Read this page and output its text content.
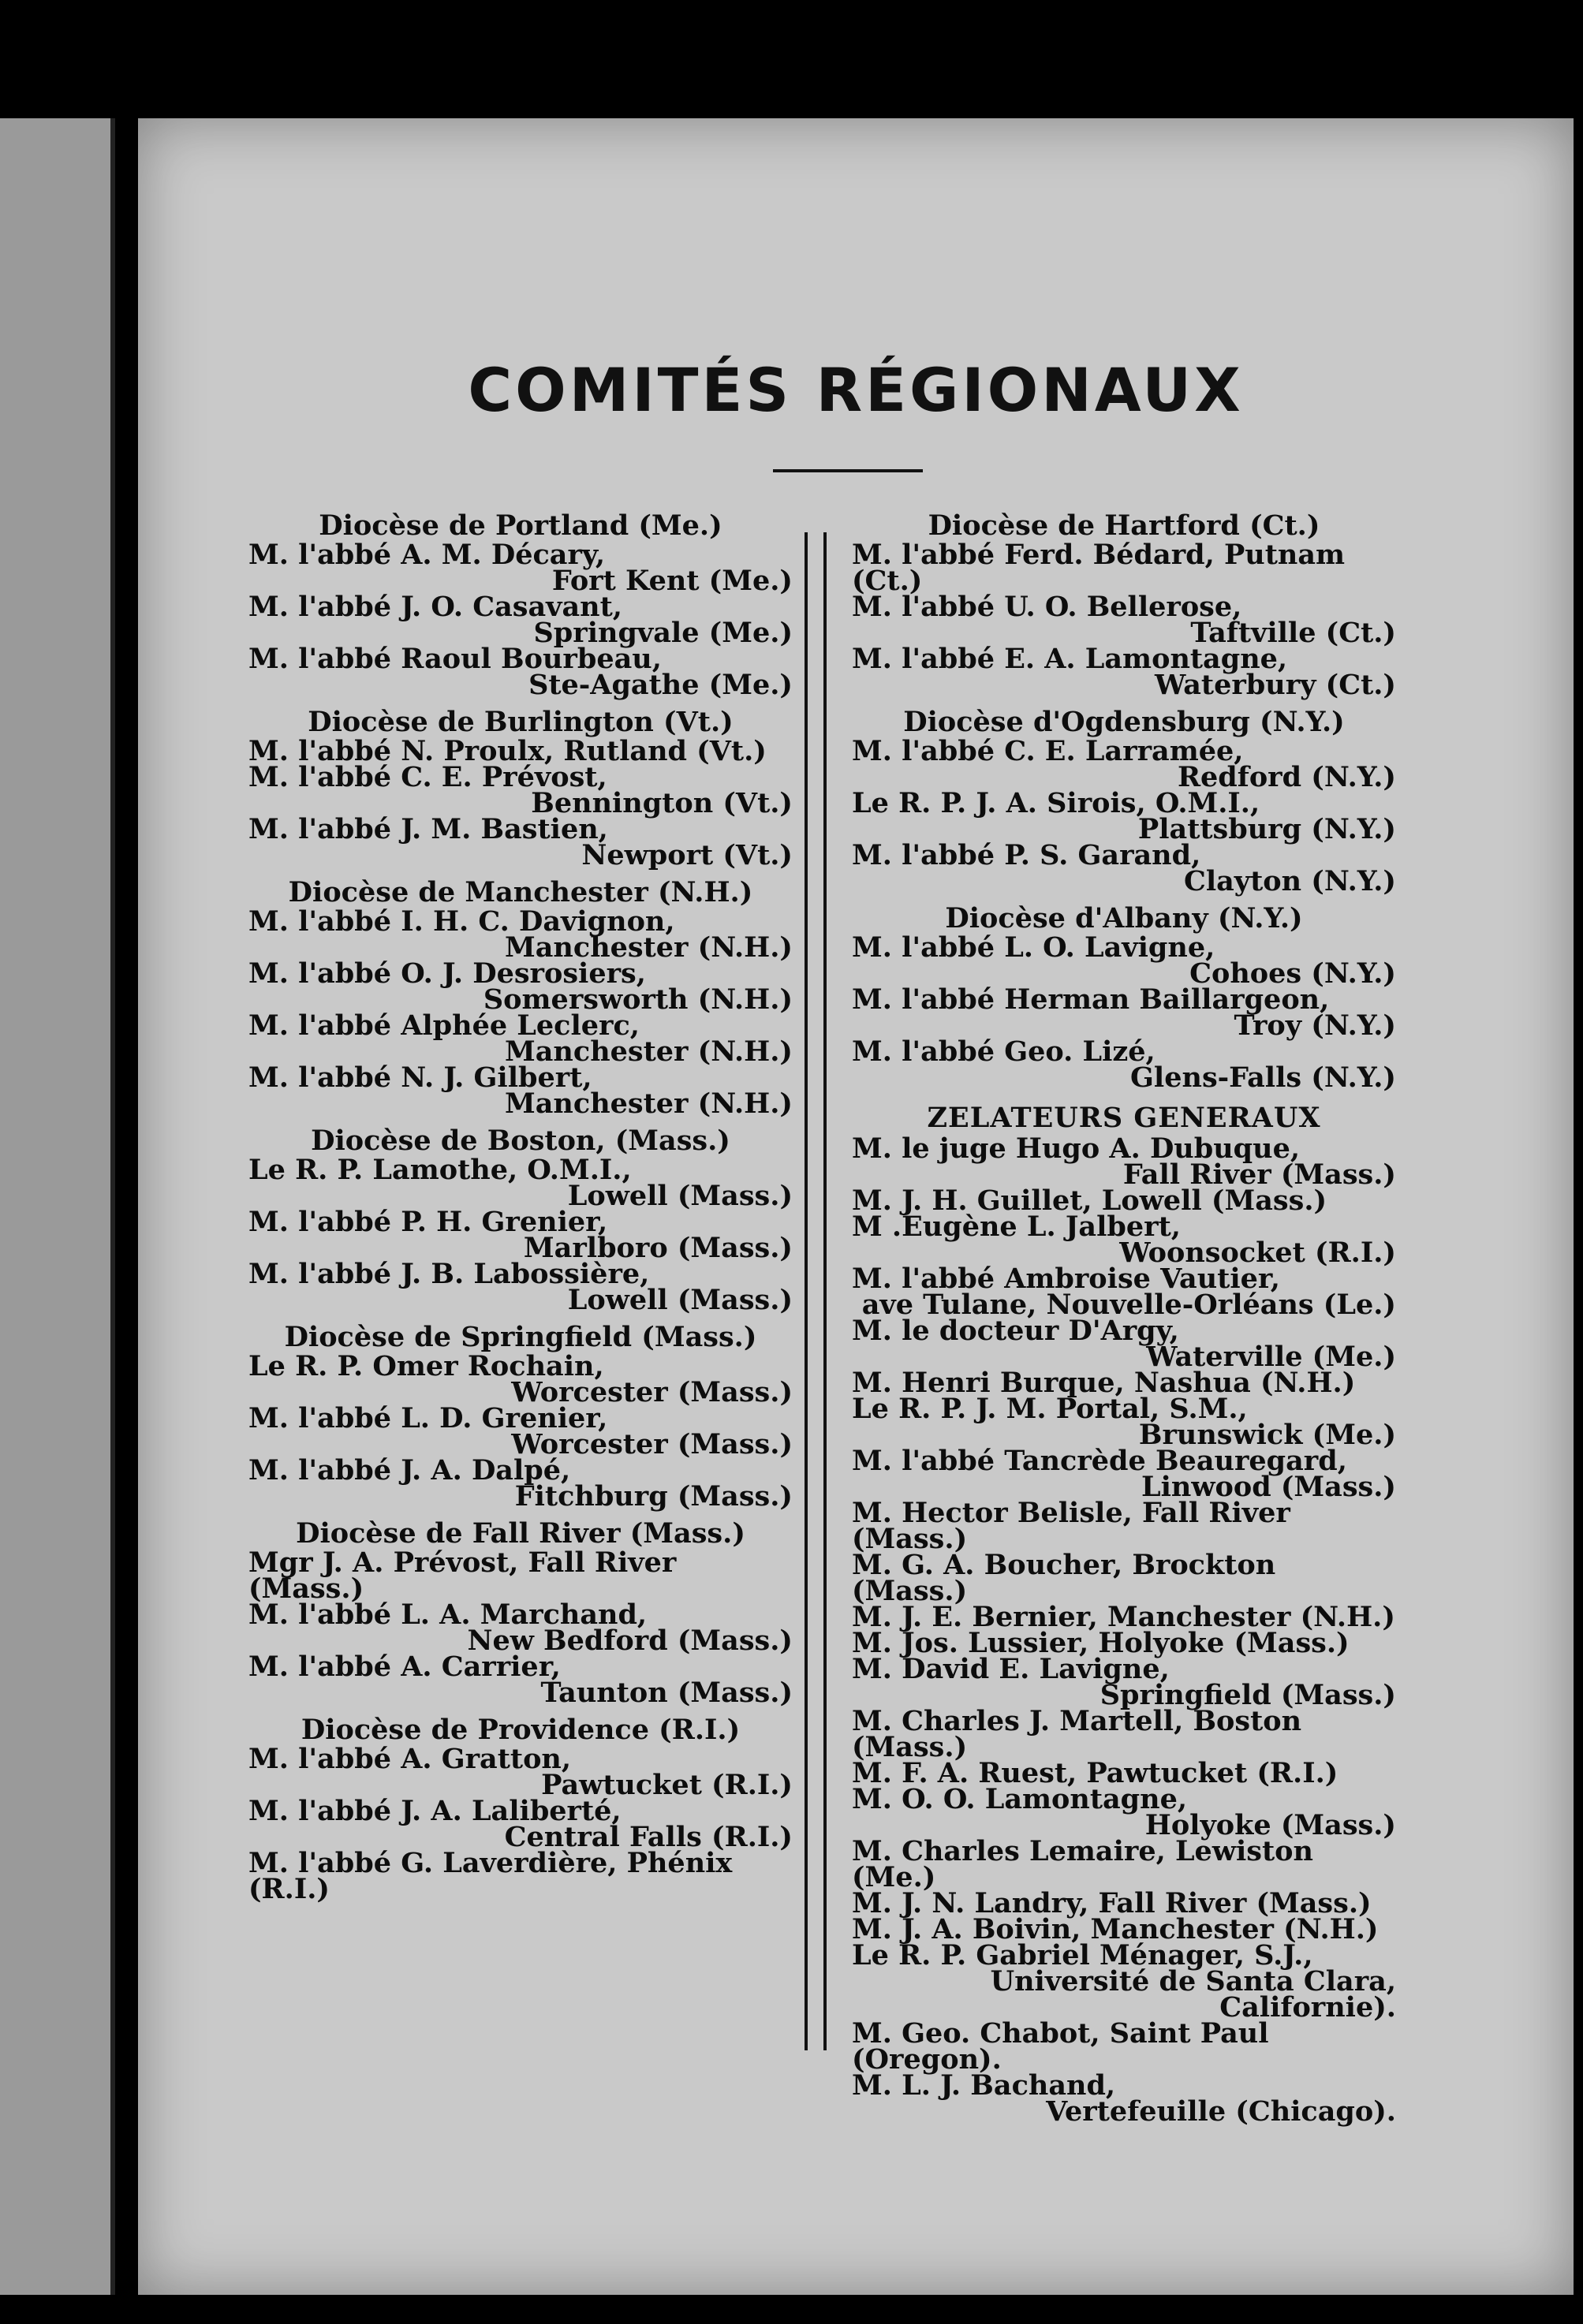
COMITÉS RÉGIONAUX
Diocèse de Portland (Me.)
M. l'abbé A. M. Décary,
Fort Kent (Me.)
M. l'abbé J. O. Casavant,
Springvale (Me.)
M. l'abbé Raoul Bourbeau,
Ste-Agathe (Me.)
Diocèse de Burlington (Vt.)
M. l'abbé N. Proulx, Rutland (Vt.)
M. l'abbé C. E. Prévost,
Bennington (Vt.)
M. l'abbé J. M. Bastien,
Newport (Vt.)
Diocèse de Manchester (N.H.)
M. l'abbé I. H. C. Davignon,
Manchester (N.H.)
M. l'abbé O. J. Desrosiers,
Somersworth (N.H.)
M. l'abbé Alphée Leclerc,
Manchester (N.H.)
M. l'abbé N. J. Gilbert,
Manchester (N.H.)
Diocèse de Boston, (Mass.)
Le R. P. Lamothe, O.M.I.,
Lowell (Mass.)
M. l'abbé P. H. Grenier,
Marlboro (Mass.)
M. l'abbé J. B. Labossière,
Lowell (Mass.)
Diocèse de Springfield (Mass.)
Le R. P. Omer Rochain,
Worcester (Mass.)
M. l'abbé L. D. Grenier,
Worcester (Mass.)
M. l'abbé J. A. Dalpé,
Fitchburg (Mass.)
Diocèse de Fall River (Mass.)
Mgr J. A. Prévost, Fall River (Mass.)
M. l'abbé L. A. Marchand,
New Bedford (Mass.)
M. l'abbé A. Carrier,
Taunton (Mass.)
Diocèse de Providence (R.I.)
M. l'abbé A. Gratton,
Pawtucket (R.I.)
M. l'abbé J. A. Laliberté,
Central Falls (R.I.)
M. l'abbé G. Laverdière, Phénix (R.I.)
Diocèse de Hartford (Ct.)
M. l'abbé Ferd. Bédard, Putnam (Ct.)
M. l'abbé U. O. Bellerose,
Taftville (Ct.)
M. l'abbé E. A. Lamontagne,
Waterbury (Ct.)
Diocèse d'Ogdensburg (N.Y.)
M. l'abbé C. E. Larramée,
Redford (N.Y.)
Le R. P. J. A. Sirois, O.M.I.,
Plattsburg (N.Y.)
M. l'abbé P. S. Garand,
Clayton (N.Y.)
Diocèse d'Albany (N.Y.)
M. l'abbé L. O. Lavigne,
Cohoes (N.Y.)
M. l'abbé Herman Baillargeon,
Troy (N.Y.)
M. l'abbé Geo. Lizé,
Glens-Falls (N.Y.)
ZELATEURS GENERAUX
M. le juge Hugo A. Dubuque,
Fall River (Mass.)
M. J. H. Guillet, Lowell (Mass.)
M .Eugène L. Jalbert,
Woonsocket (R.I.)
M. l'abbé Ambroise Vautier,
ave Tulane, Nouvelle-Orléans (Le.)
M. le docteur D'Argy,
Waterville (Me.)
M. Henri Burque, Nashua (N.H.)
Le R. P. J. M. Portal, S.M.,
Brunswick (Me.)
M. l'abbé Tancrède Beauregard,
Linwood (Mass.)
M. Hector Belisle, Fall River (Mass.)
M. G. A. Boucher, Brockton (Mass.)
M. J. E. Bernier, Manchester (N.H.)
M. Jos. Lussier, Holyoke (Mass.)
M. David E. Lavigne,
Springfield (Mass.)
M. Charles J. Martell, Boston (Mass.)
M. F. A. Ruest, Pawtucket (R.I.)
M. O. O. Lamontagne,
Holyoke (Mass.)
M. Charles Lemaire, Lewiston (Me.)
M. J. N. Landry, Fall River (Mass.)
M. J. A. Boivin, Manchester (N.H.)
Le R. P. Gabriel Ménager, S.J.,
Université de Santa Clara,
Californie).
M. Geo. Chabot, Saint Paul (Oregon).
M. L. J. Bachand,
Vertefeuille (Chicago).
